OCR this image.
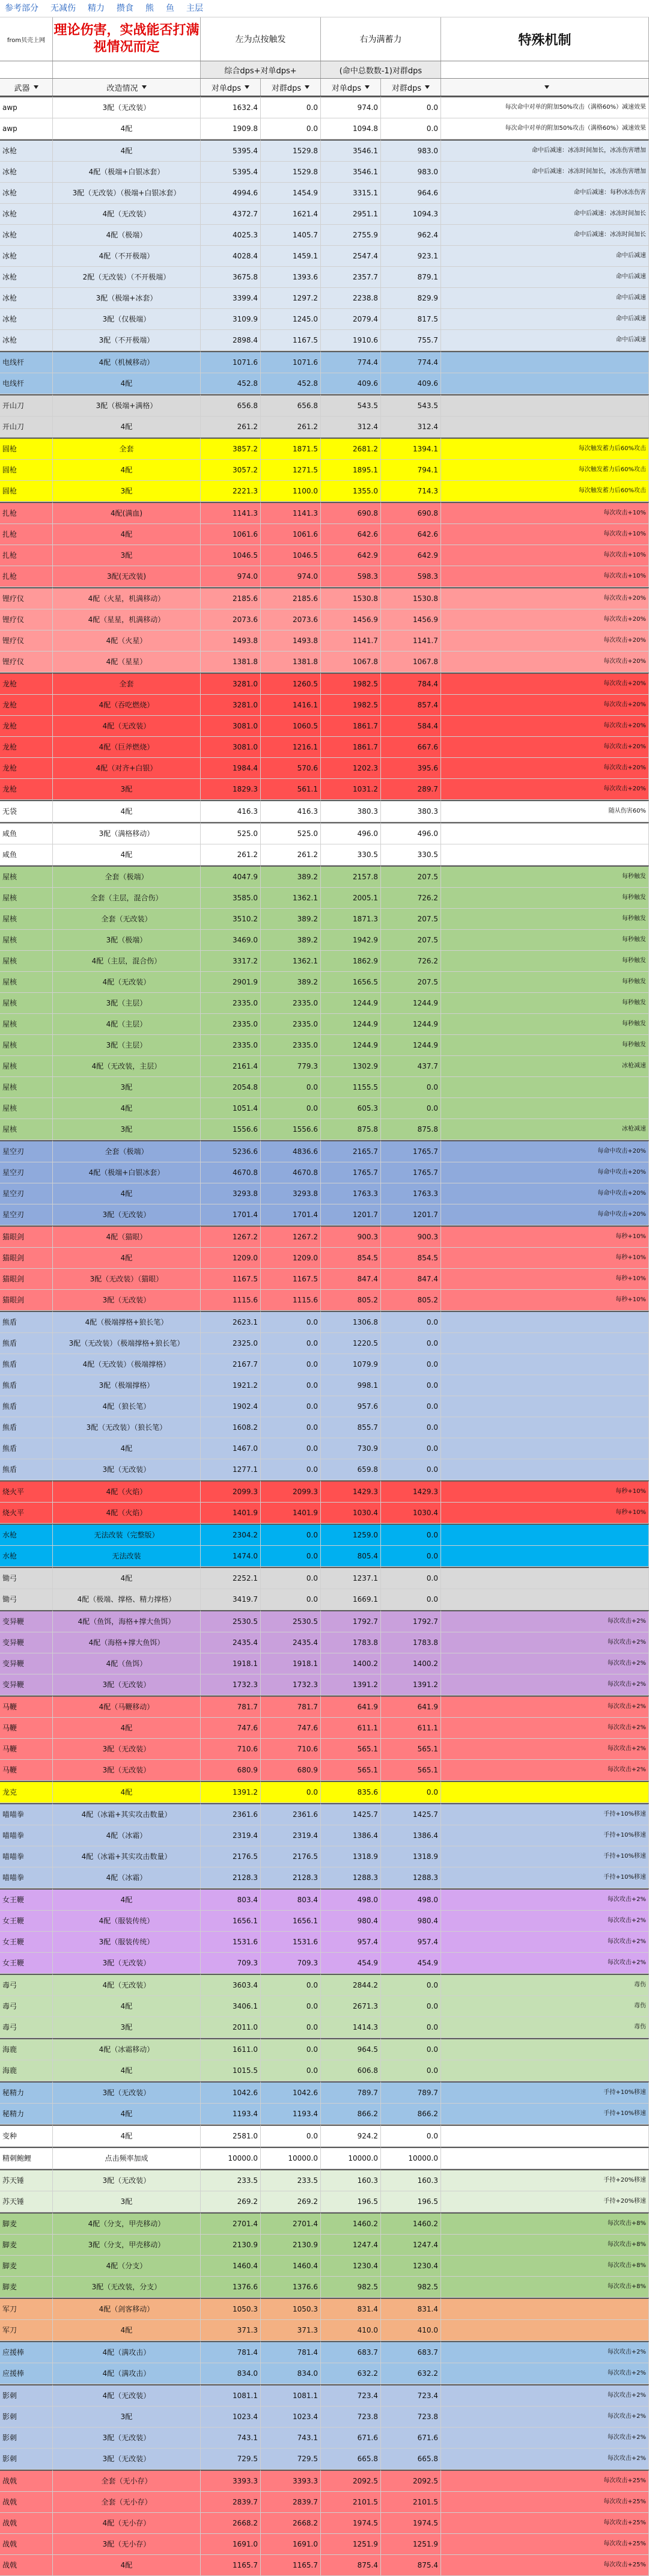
参考部分	无减伤	精力	攒食	熊	鱼	主层
from贝壳上网
理论伤害，实战能否打满视情况而定	左为点按触发	右为满蓄力	特殊机制
综合dps+对单dps+	(命中总数数-1)对群dps
武器	改造情况	对单dps	对群dps	对单dps	对群dps
awp	3配（无改装）	1632.4	0.0	974.0	0.0	每次命中对单的附加50%攻击（满格60%）减速效果
awp	4配	1909.8	0.0	1094.8	0.0	每次命中对单的附加50%攻击（满格60%）减速效果
冰枪	4配	5395.4	1529.8	3546.1	983.0	命中后减速：冰冻时间加长，冰冻伤害增加
冰枪	4配（极端+白银冰套）	5395.4	1529.8	3546.1	983.0	命中后减速：冰冻时间加长，冰冻伤害增加
冰枪	3配（无改装）（极端+白银冰套）	4994.6	1454.9	3315.1	964.6	命中后减速：每秒冰冻伤害
冰枪	4配（无改装）	4372.7	1621.4	2951.1	1094.3	命中后减速：冰冻时间加长
冰枪	4配（极端）	4025.3	1405.7	2755.9	962.4	命中后减速：冰冻时间加长
冰枪	4配（不开极端）	4028.4	1459.1	2547.4	923.1	命中后减速
冰枪	2配（无改装）（不开极端）	3675.8	1393.6	2357.7	879.1	命中后减速
冰枪	3配（极端+冰套）	3399.4	1297.2	2238.8	829.9	命中后减速
冰枪	3配（仅极端）	3109.9	1245.0	2079.4	817.5	命中后减速
冰枪	3配（不开极端）	2898.4	1167.5	1910.6	755.7	命中后减速
电线杆	4配（机械移动）	1071.6	1071.6	774.4	774.4
电线杆	4配	452.8	452.8	409.6	409.6
开山刀	3配（极端+满格）	656.8	656.8	543.5	543.5
开山刀	4配	261.2	261.2	312.4	312.4
圆枪	全套	3857.2	1871.5	2681.2	1394.1	每次触发蓄力后60%攻击
圆枪	4配	3057.2	1271.5	1895.1	794.1	每次触发蓄力后60%攻击
圆枪	3配	2221.3	1100.0	1355.0	714.3	每次触发蓄力后60%攻击
扎枪	4配(满血)	1141.3	1141.3	690.8	690.8	每次攻击+10%
扎枪	4配	1061.6	1061.6	642.6	642.6	每次攻击+10%
扎枪	3配	1046.5	1046.5	642.9	642.9	每次攻击+10%
扎枪	3配(无改装)	974.0	974.0	598.3	598.3	每次攻击+10%
锂疗仪	4配（火星，机满移动）	2185.6	2185.6	1530.8	1530.8	每次攻击+20%
锂疗仪	4配（星星，机满移动）	2073.6	2073.6	1456.9	1456.9	每次攻击+20%
锂疗仪	4配（火星）	1493.8	1493.8	1141.7	1141.7	每次攻击+20%
锂疗仪	4配（星星）	1381.8	1381.8	1067.8	1067.8	每次攻击+20%
龙枪	全套	3281.0	1260.5	1982.5	784.4	每次攻击+20%
龙枪	4配（吞吃燃烧）	3281.0	1416.1	1982.5	857.4	每次攻击+20%
龙枪	4配（无改装）	3081.0	1060.5	1861.7	584.4	每次攻击+20%
龙枪	4配（巨斧燃烧）	3081.0	1216.1	1861.7	667.6	每次攻击+20%
龙枪	4配（对齐+白银）	1984.4	570.6	1202.3	395.6	每次攻击+20%
龙枪	3配	1829.3	561.1	1031.2	289.7	每次攻击+20%
无袋	4配	416.3	416.3	380.3	380.3	随从伤害60%
咸鱼	3配（满格移动）	525.0	525.0	496.0	496.0
咸鱼	4配	261.2	261.2	330.5	330.5
屋核	全套（极端）	4047.9	389.2	2157.8	207.5	每秒触发
屋核	全套（主层，混合伤）	3585.0	1362.1	2005.1	726.2	每秒触发
屋核	全套（无改装）	3510.2	389.2	1871.3	207.5	每秒触发
屋核	3配（极端）	3469.0	389.2	1942.9	207.5	每秒触发
屋核	4配（主层，混合伤）	3317.2	1362.1	1862.9	726.2	每秒触发
屋核	4配（无改装）	2901.9	389.2	1656.5	207.5	每秒触发
屋核	3配（主层）	2335.0	2335.0	1244.9	1244.9	每秒触发
屋核	4配（主层）	2335.0	2335.0	1244.9	1244.9	每秒触发
屋核	3配（主层）	2335.0	2335.0	1244.9	1244.9	每秒触发
屋核	4配（无改装，主层）	2161.4	779.3	1302.9	437.7	冰枪减速
屋核	3配	2054.8	0.0	1155.5	0.0
屋核	4配	1051.4	0.0	605.3	0.0
屋核	3配	1556.6	1556.6	875.8	875.8	冰枪减速
星空刃	全套（极端）	5236.6	4836.6	2165.7	1765.7	每命中攻击+20%
星空刃	4配（极端+白银冰套）	4670.8	4670.8	1765.7	1765.7	每命中攻击+20%
星空刃	4配	3293.8	3293.8	1763.3	1763.3	每命中攻击+20%
星空刃	3配（无改装）	1701.4	1701.4	1201.7	1201.7	每命中攻击+20%
猫眼剑	4配（猫眼）	1267.2	1267.2	900.3	900.3	每秒+10%
猫眼剑	4配	1209.0	1209.0	854.5	854.5	每秒+10%
猫眼剑	3配（无改装）（猫眼）	1167.5	1167.5	847.4	847.4	每秒+10%
猫眼剑	3配（无改装）	1115.6	1115.6	805.2	805.2	每秒+10%
熊盾	4配（极端撑格+狼长笔）	2623.1	0.0	1306.8	0.0
熊盾	3配（无改装）（极端撑格+狼长笔）	2325.0	0.0	1220.5	0.0
熊盾	4配（无改装）（极端撑格）	2167.7	0.0	1079.9	0.0
熊盾	3配（极端撑格）	1921.2	0.0	998.1	0.0
熊盾	4配（狼长笔）	1902.4	0.0	957.6	0.0
熊盾	3配（无改装）（狼长笔）	1608.2	0.0	855.7	0.0
熊盾	4配	1467.0	0.0	730.9	0.0
熊盾	3配（无改装）	1277.1	0.0	659.8	0.0
烧火平	4配（火焰）	2099.3	2099.3	1429.3	1429.3	每秒+10%
烧火平	4配（火焰）	1401.9	1401.9	1030.4	1030.4	每秒+10%
水枪	无法改装（完整版）	2304.2	0.0	1259.0	0.0
水枪	无法改装	1474.0	0.0	805.4	0.0
锄弓	4配	2252.1	0.0	1237.1	0.0
锄弓	4配（极端、撑格、精力撑格）	3419.7	0.0	1669.1	0.0
变异鞭	4配（鱼饵，海格+撑大鱼饵）	2530.5	2530.5	1792.7	1792.7	每次攻击+2%
变异鞭	4配（海格+撑大鱼饵）	2435.4	2435.4	1783.8	1783.8	每次攻击+2%
变异鞭	4配（鱼饵）	1918.1	1918.1	1400.2	1400.2	每次攻击+2%
变异鞭	3配（无改装）	1732.3	1732.3	1391.2	1391.2	每次攻击+2%
马鞭	4配（马鞭移动）	781.7	781.7	641.9	641.9	每次攻击+2%
马鞭	4配	747.6	747.6	611.1	611.1	每次攻击+2%
马鞭	3配（无改装）	710.6	710.6	565.1	565.1	每次攻击+2%
马鞭	3配（无改装）	680.9	680.9	565.1	565.1	每次攻击+2%
龙克	4配	1391.2	0.0	835.6	0.0
喵喵拳	4配（冰霜+其实攻击数量）	2361.6	2361.6	1425.7	1425.7	手持+10%移速
喵喵拳	4配（冰霜）	2319.4	2319.4	1386.4	1386.4	手持+10%移速
喵喵拳	4配（冰霜+其实攻击数量）	2176.5	2176.5	1318.9	1318.9	手持+10%移速
喵喵拳	4配（冰霜）	2128.3	2128.3	1288.3	1288.3	手持+10%移速
女王鞭	4配	803.4	803.4	498.0	498.0	每次攻击+2%
女王鞭	4配（服装传统）	1656.1	1656.1	980.4	980.4	每次攻击+2%
女王鞭	3配（服装传统）	1531.6	1531.6	957.4	957.4	每次攻击+2%
女王鞭	3配（无改装）	709.3	709.3	454.9	454.9	每次攻击+2%
毒弓	4配（无改装）	3603.4	0.0	2844.2	0.0	毒伤
毒弓	4配	3406.1	0.0	2671.3	0.0	毒伤
毒弓	3配	2011.0	0.0	1414.3	0.0	毒伤
海鹿	4配（冰霜移动）	1611.0	0.0	964.5	0.0
海鹿	4配	1015.5	0.0	606.8	0.0
秘精力	3配（无改装）	1042.6	1042.6	789.7	789.7	手持+10%移速
秘精力	4配	1193.4	1193.4	866.2	866.2	手持+10%移速
变种	4配	2581.0	0.0	924.2	0.0
精刺鲍鲤	点击频率加成	10000.0	10000.0	10000.0	10000.0
苏天锤	3配（无改装）	233.5	233.5	160.3	160.3	手持+20%移速
苏天锤	3配	269.2	269.2	196.5	196.5	手持+20%移速
脚麦	4配（分支，甲壳移动）	2701.4	2701.4	1460.2	1460.2	每次攻击+8%
脚麦	3配（分支，甲壳移动）	2130.9	2130.9	1247.4	1247.4	每次攻击+8%
脚麦	4配（分支）	1460.4	1460.4	1230.4	1230.4	每次攻击+8%
脚麦	3配（无改装，分支）	1376.6	1376.6	982.5	982.5	每次攻击+8%
军刀	4配（剑客移动）	1050.3	1050.3	831.4	831.4
军刀	4配	371.3	371.3	410.0	410.0
应援棒	4配（满攻击）	781.4	781.4	683.7	683.7	每次攻击+2%
应援棒	4配（满攻击）	834.0	834.0	632.2	632.2	每次攻击+2%
影刺	4配（无改装）	1081.1	1081.1	723.4	723.4	每次攻击+2%
影刺	3配	1023.4	1023.4	723.8	723.8	每次攻击+2%
影刺	3配（无改装）	743.1	743.1	671.6	671.6	每次攻击+2%
影刺	3配（无改装）	729.5	729.5	665.8	665.8	每次攻击+2%
战戟	全套（无小存）	3393.3	3393.3	2092.5	2092.5	每次攻击+25%
战戟	全套（无小存）	2839.7	2839.7	2101.5	2101.5	每次攻击+25%
战戟	4配（无小存）	2668.2	2668.2	1974.5	1974.5	每次攻击+25%
战戟	3配（无小存）	1691.0	1691.0	1251.9	1251.9	每次攻击+25%
战戟	4配	1165.7	1165.7	875.4	875.4	每次攻击+25%
